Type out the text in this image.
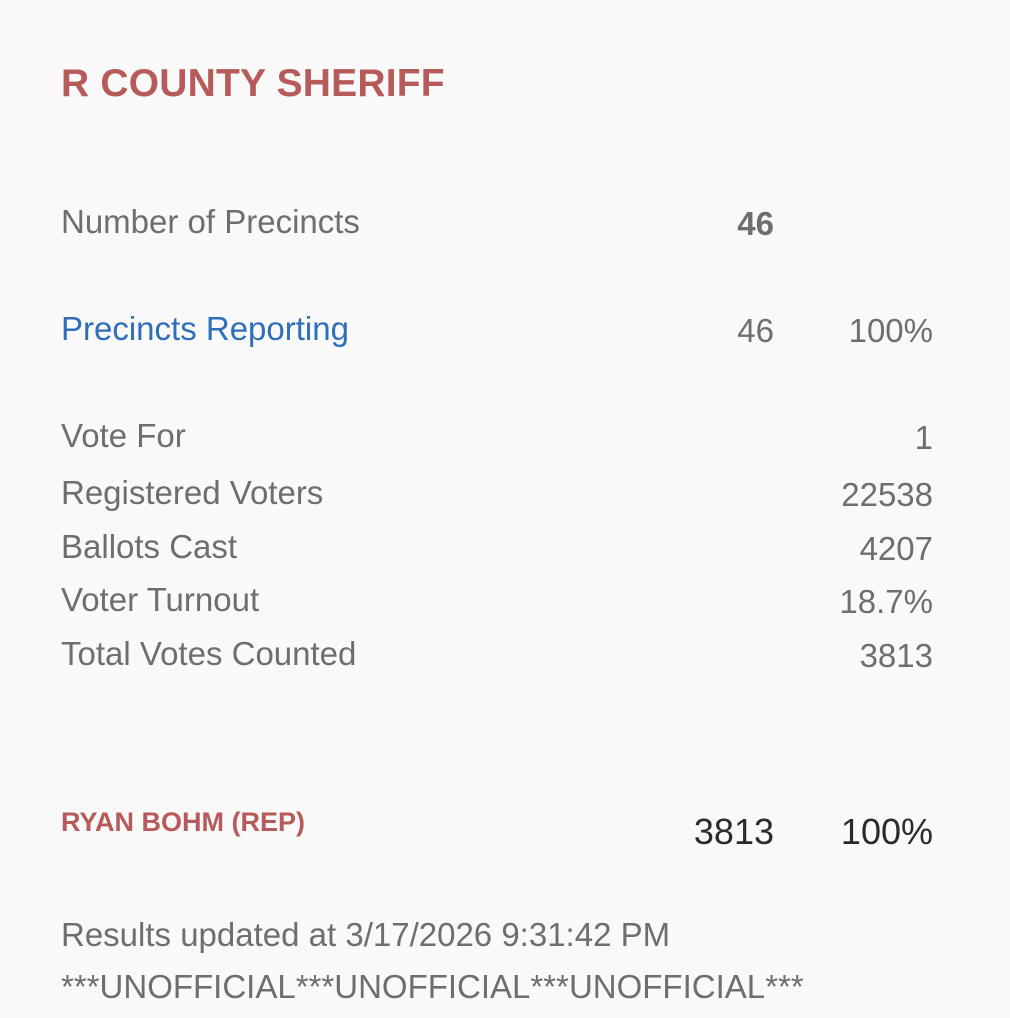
R COUNTY SHERIFF
Number of Precincts	46
Precincts Reporting	46 100%
Vote For	1
Registered Voters	22538
Ballots Cast	4207
Voter Turnout	18.7%
Total Votes Counted	3813
RYAN BOHM (REP)	3813 100%
Results updated at 3/17/2026 9:31:42 PM
***UNOFFICIAL***UNOFFICIAL***UNOFFICIAL***
